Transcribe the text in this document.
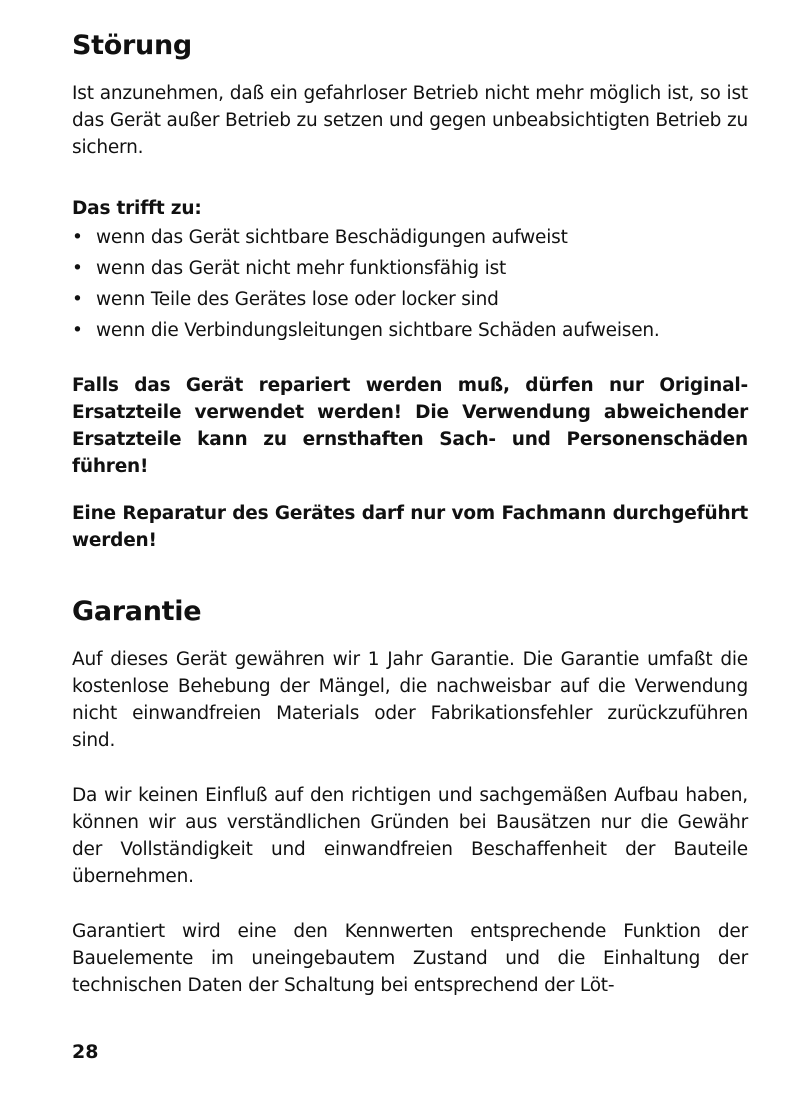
Störung

Ist anzunehmen, daß ein gefahrloser Betrieb nicht mehr möglich ist, so ist das Gerät außer Betrieb zu setzen und gegen unbeabsichtigten Betrieb zu sichern.

Das trifft zu:

• wenn das Gerät sichtbare Beschädigungen aufweist
• wenn das Gerät nicht mehr funktionsfähig ist
• wenn Teile des Gerätes lose oder locker sind
• wenn die Verbindungsleitungen sichtbare Schäden aufweisen.

Falls das Gerät repariert werden muß, dürfen nur Original-Ersatzteile verwendet werden! Die Verwendung abweichender Ersatzteile kann zu ernsthaften Sach- und Personenschäden führen!

Eine Reparatur des Gerätes darf nur vom Fachmann durchgeführt werden!

Garantie

Auf dieses Gerät gewähren wir 1 Jahr Garantie. Die Garantie umfaßt die kostenlose Behebung der Mängel, die nachweisbar auf die Verwendung nicht einwandfreien Materials oder Fabrikationsfehler zurückzuführen sind.

Da wir keinen Einfluß auf den richtigen und sachgemäßen Aufbau haben, können wir aus verständlichen Gründen bei Bausätzen nur die Gewähr der Vollständigkeit und einwandfreien Beschaffenheit der Bauteile übernehmen.

Garantiert wird eine den Kennwerten entsprechende Funktion der Bauelemente im uneingebautem Zustand und die Einhaltung der technischen Daten der Schaltung bei entsprechend der Löt-

28
